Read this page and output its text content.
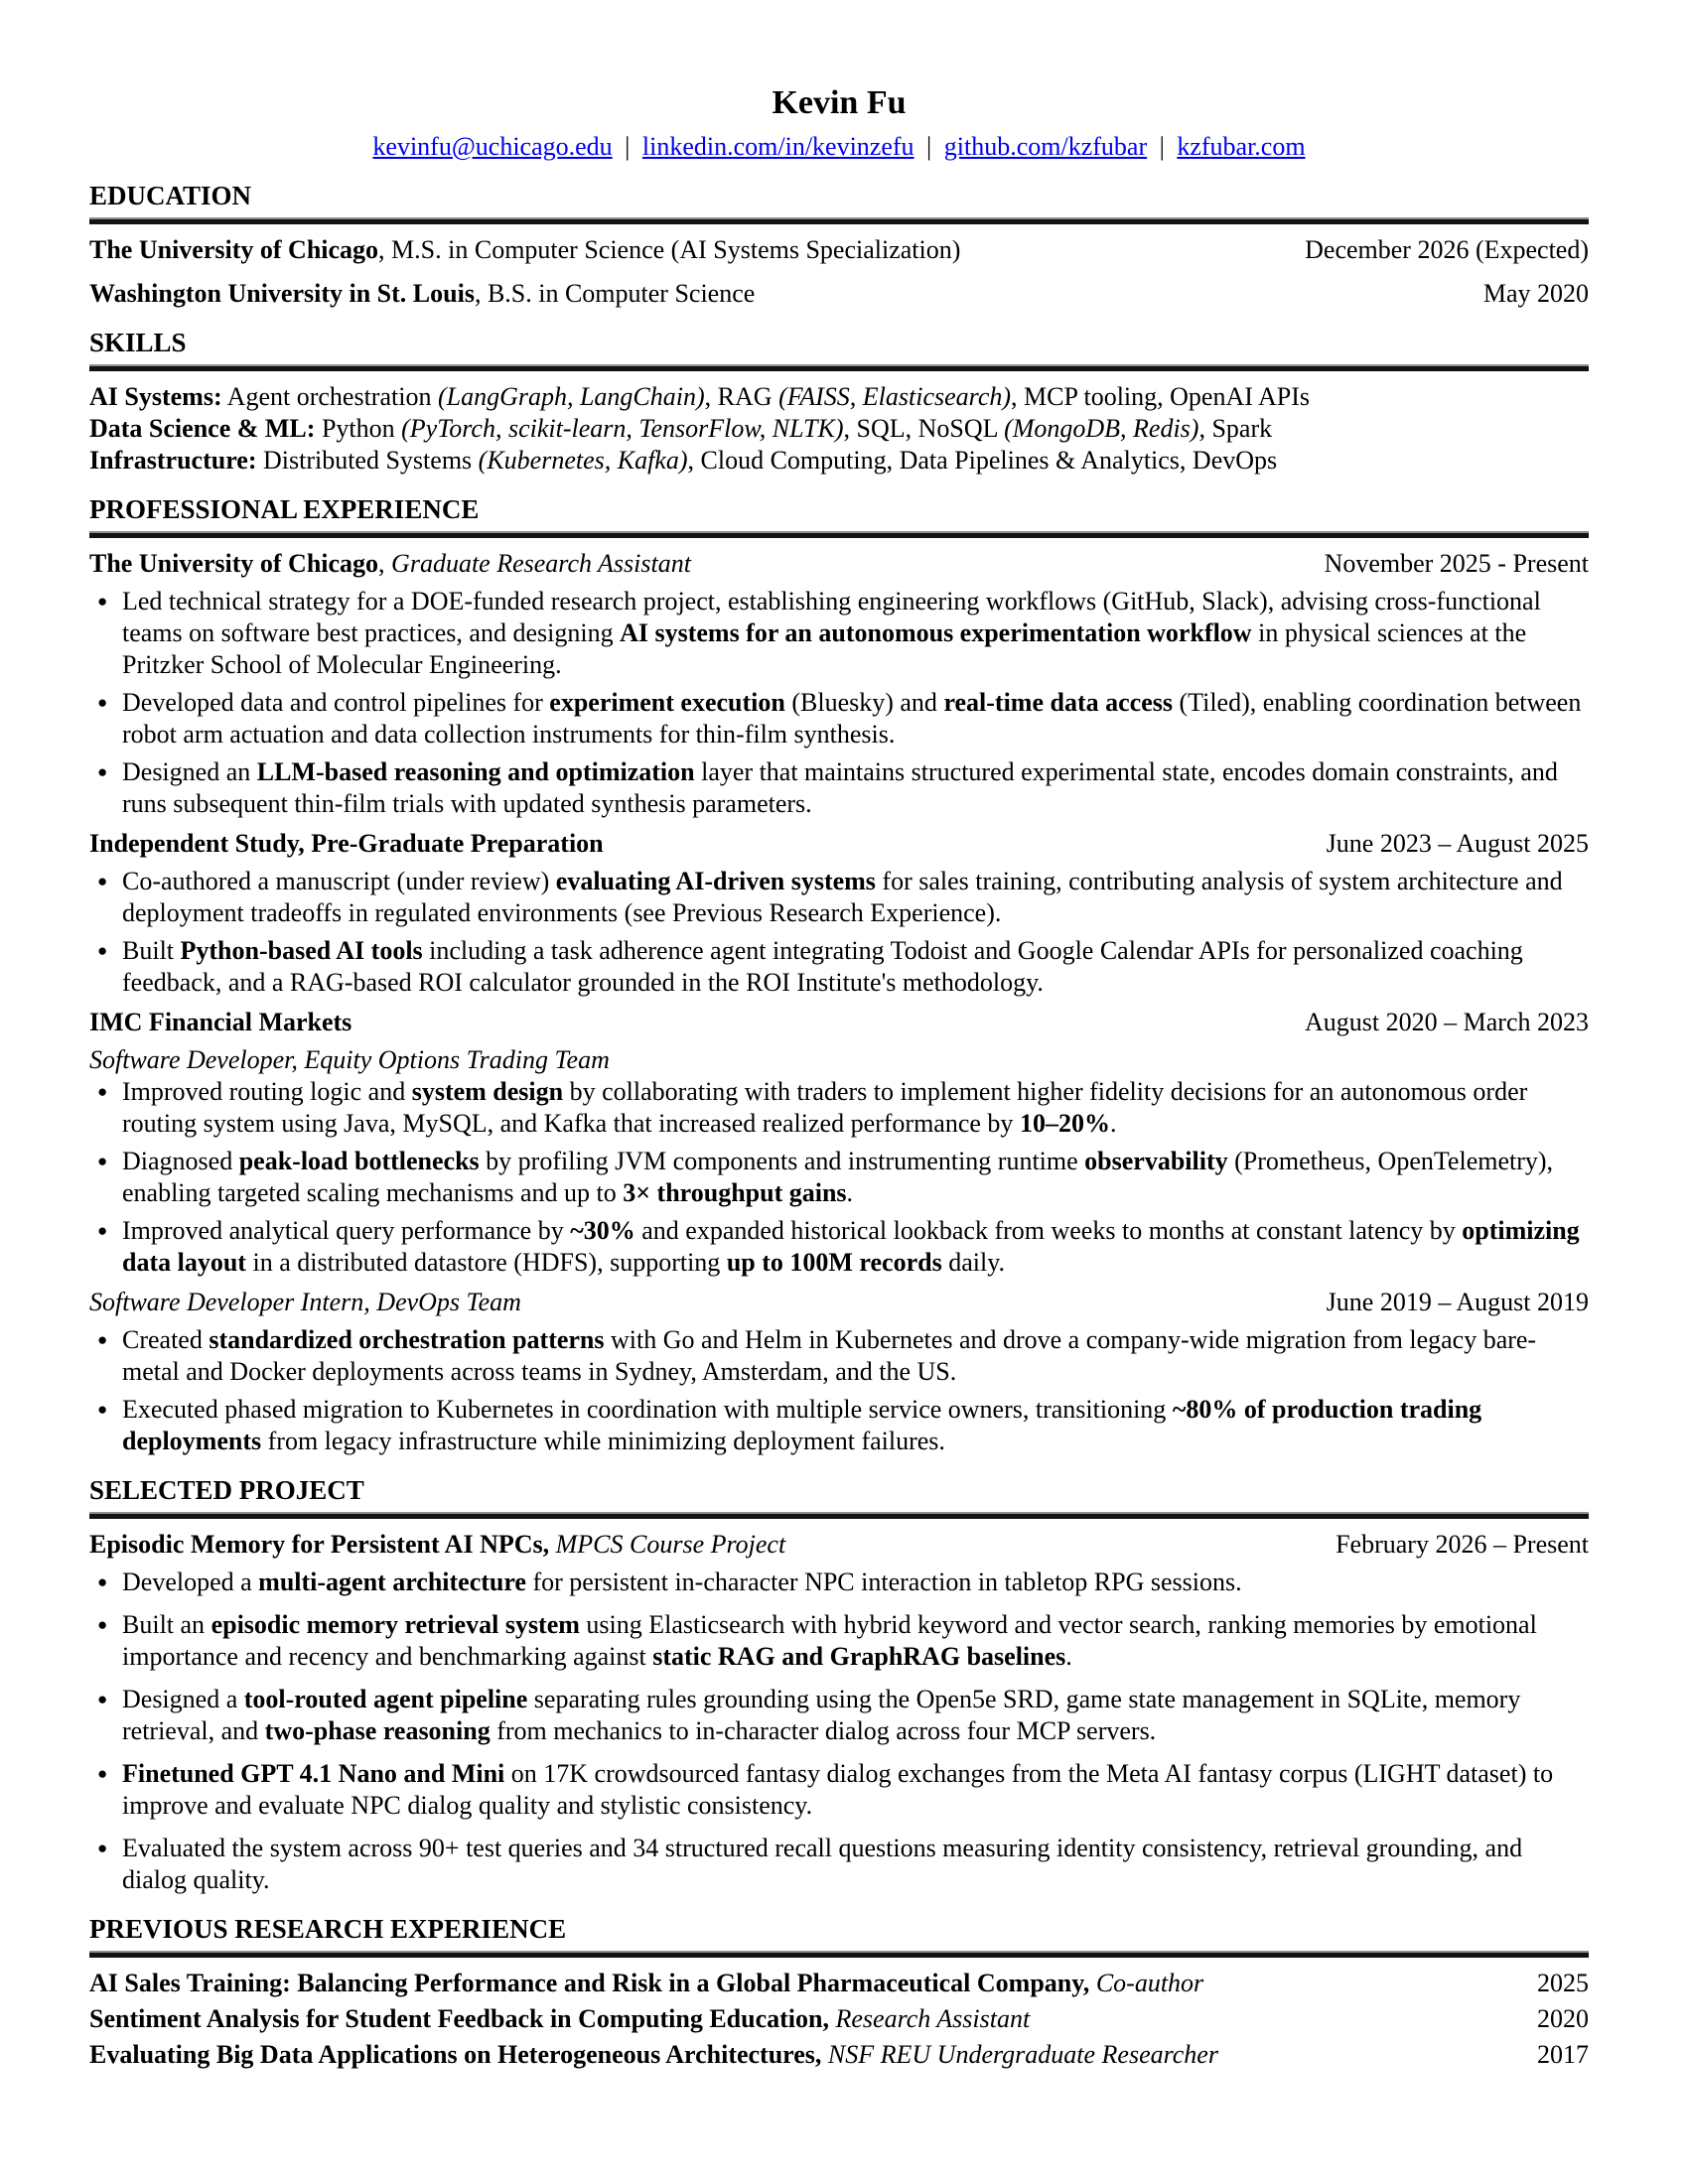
Kevin Fu
kevinfu@uchicago.edu | linkedin.com/in/kevinzefu | github.com/kzfubar | kzfubar.com
EDUCATION
The University of Chicago, M.S. in Computer Science (AI Systems Specialization)	December 2026 (Expected)
Washington University in St. Louis, B.S. in Computer Science	May 2020
SKILLS
AI Systems: Agent orchestration (LangGraph, LangChain), RAG (FAISS, Elasticsearch), MCP tooling, OpenAI APIs
Data Science & ML: Python (PyTorch, scikit-learn, TensorFlow, NLTK), SQL, NoSQL (MongoDB, Redis), Spark
Infrastructure: Distributed Systems (Kubernetes, Kafka), Cloud Computing, Data Pipelines & Analytics, DevOps
PROFESSIONAL EXPERIENCE
The University of Chicago, Graduate Research Assistant	November 2025 - Present
● Led technical strategy for a DOE-funded research project, establishing engineering workflows (GitHub, Slack), advising cross-functional teams on software best practices, and designing AI systems for an autonomous experimentation workflow in physical sciences at the Pritzker School of Molecular Engineering.
● Developed data and control pipelines for experiment execution (Bluesky) and real-time data access (Tiled), enabling coordination between robot arm actuation and data collection instruments for thin-film synthesis.
● Designed an LLM-based reasoning and optimization layer that maintains structured experimental state, encodes domain constraints, and runs subsequent thin-film trials with updated synthesis parameters.
Independent Study, Pre-Graduate Preparation	June 2023 – August 2025
● Co-authored a manuscript (under review) evaluating AI-driven systems for sales training, contributing analysis of system architecture and deployment tradeoffs in regulated environments (see Previous Research Experience).
● Built Python-based AI tools including a task adherence agent integrating Todoist and Google Calendar APIs for personalized coaching feedback, and a RAG-based ROI calculator grounded in the ROI Institute's methodology.
IMC Financial Markets	August 2020 – March 2023
Software Developer, Equity Options Trading Team
● Improved routing logic and system design by collaborating with traders to implement higher fidelity decisions for an autonomous order routing system using Java, MySQL, and Kafka that increased realized performance by 10–20%.
● Diagnosed peak-load bottlenecks by profiling JVM components and instrumenting runtime observability (Prometheus, OpenTelemetry), enabling targeted scaling mechanisms and up to 3× throughput gains.
● Improved analytical query performance by ~30% and expanded historical lookback from weeks to months at constant latency by optimizing data layout in a distributed datastore (HDFS), supporting up to 100M records daily.
Software Developer Intern, DevOps Team	June 2019 – August 2019
● Created standardized orchestration patterns with Go and Helm in Kubernetes and drove a company-wide migration from legacy bare-metal and Docker deployments across teams in Sydney, Amsterdam, and the US.
● Executed phased migration to Kubernetes in coordination with multiple service owners, transitioning ~80% of production trading deployments from legacy infrastructure while minimizing deployment failures.
SELECTED PROJECT
Episodic Memory for Persistent AI NPCs, MPCS Course Project	February 2026 – Present
● Developed a multi-agent architecture for persistent in-character NPC interaction in tabletop RPG sessions.
● Built an episodic memory retrieval system using Elasticsearch with hybrid keyword and vector search, ranking memories by emotional importance and recency and benchmarking against static RAG and GraphRAG baselines.
● Designed a tool-routed agent pipeline separating rules grounding using the Open5e SRD, game state management in SQLite, memory retrieval, and two-phase reasoning from mechanics to in-character dialog across four MCP servers.
● Finetuned GPT 4.1 Nano and Mini on 17K crowdsourced fantasy dialog exchanges from the Meta AI fantasy corpus (LIGHT dataset) to improve and evaluate NPC dialog quality and stylistic consistency.
● Evaluated the system across 90+ test queries and 34 structured recall questions measuring identity consistency, retrieval grounding, and dialog quality.
PREVIOUS RESEARCH EXPERIENCE
AI Sales Training: Balancing Performance and Risk in a Global Pharmaceutical Company, Co-author	2025
Sentiment Analysis for Student Feedback in Computing Education, Research Assistant	2020
Evaluating Big Data Applications on Heterogeneous Architectures, NSF REU Undergraduate Researcher	2017
